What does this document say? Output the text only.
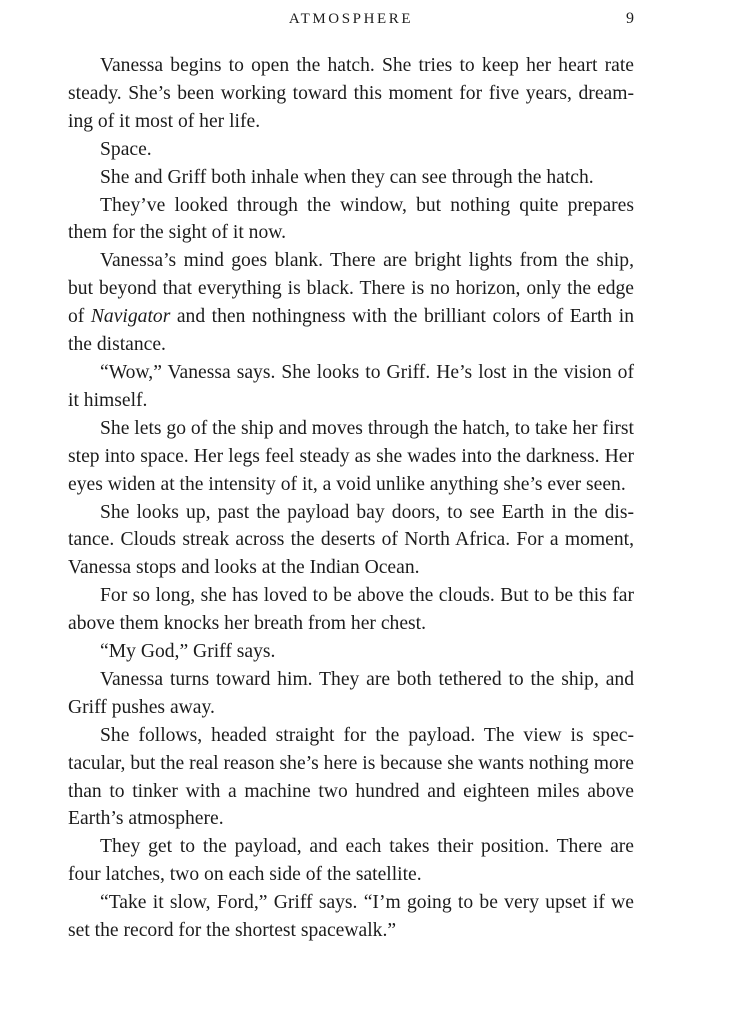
ATMOSPHERE	9

Vanessa begins to open the hatch. She tries to keep her heart rate steady. She’s been working toward this moment for five years, dreaming of it most of her life.

Space.

She and Griff both inhale when they can see through the hatch.

They’ve looked through the window, but nothing quite prepares them for the sight of it now.

Vanessa’s mind goes blank. There are bright lights from the ship, but beyond that everything is black. There is no horizon, only the edge of Navigator and then nothingness with the brilliant colors of Earth in the distance.

“Wow,” Vanessa says. She looks to Griff. He’s lost in the vision of it himself.

She lets go of the ship and moves through the hatch, to take her first step into space. Her legs feel steady as she wades into the darkness. Her eyes widen at the intensity of it, a void unlike anything she’s ever seen.

She looks up, past the payload bay doors, to see Earth in the distance. Clouds streak across the deserts of North Africa. For a moment, Vanessa stops and looks at the Indian Ocean.

For so long, she has loved to be above the clouds. But to be this far above them knocks her breath from her chest.

“My God,” Griff says.

Vanessa turns toward him. They are both tethered to the ship, and Griff pushes away.

She follows, headed straight for the payload. The view is spectacular, but the real reason she’s here is because she wants nothing more than to tinker with a machine two hundred and eighteen miles above Earth’s atmosphere.

They get to the payload, and each takes their position. There are four latches, two on each side of the satellite.

“Take it slow, Ford,” Griff says. “I’m going to be very upset if we set the record for the shortest spacewalk.”
